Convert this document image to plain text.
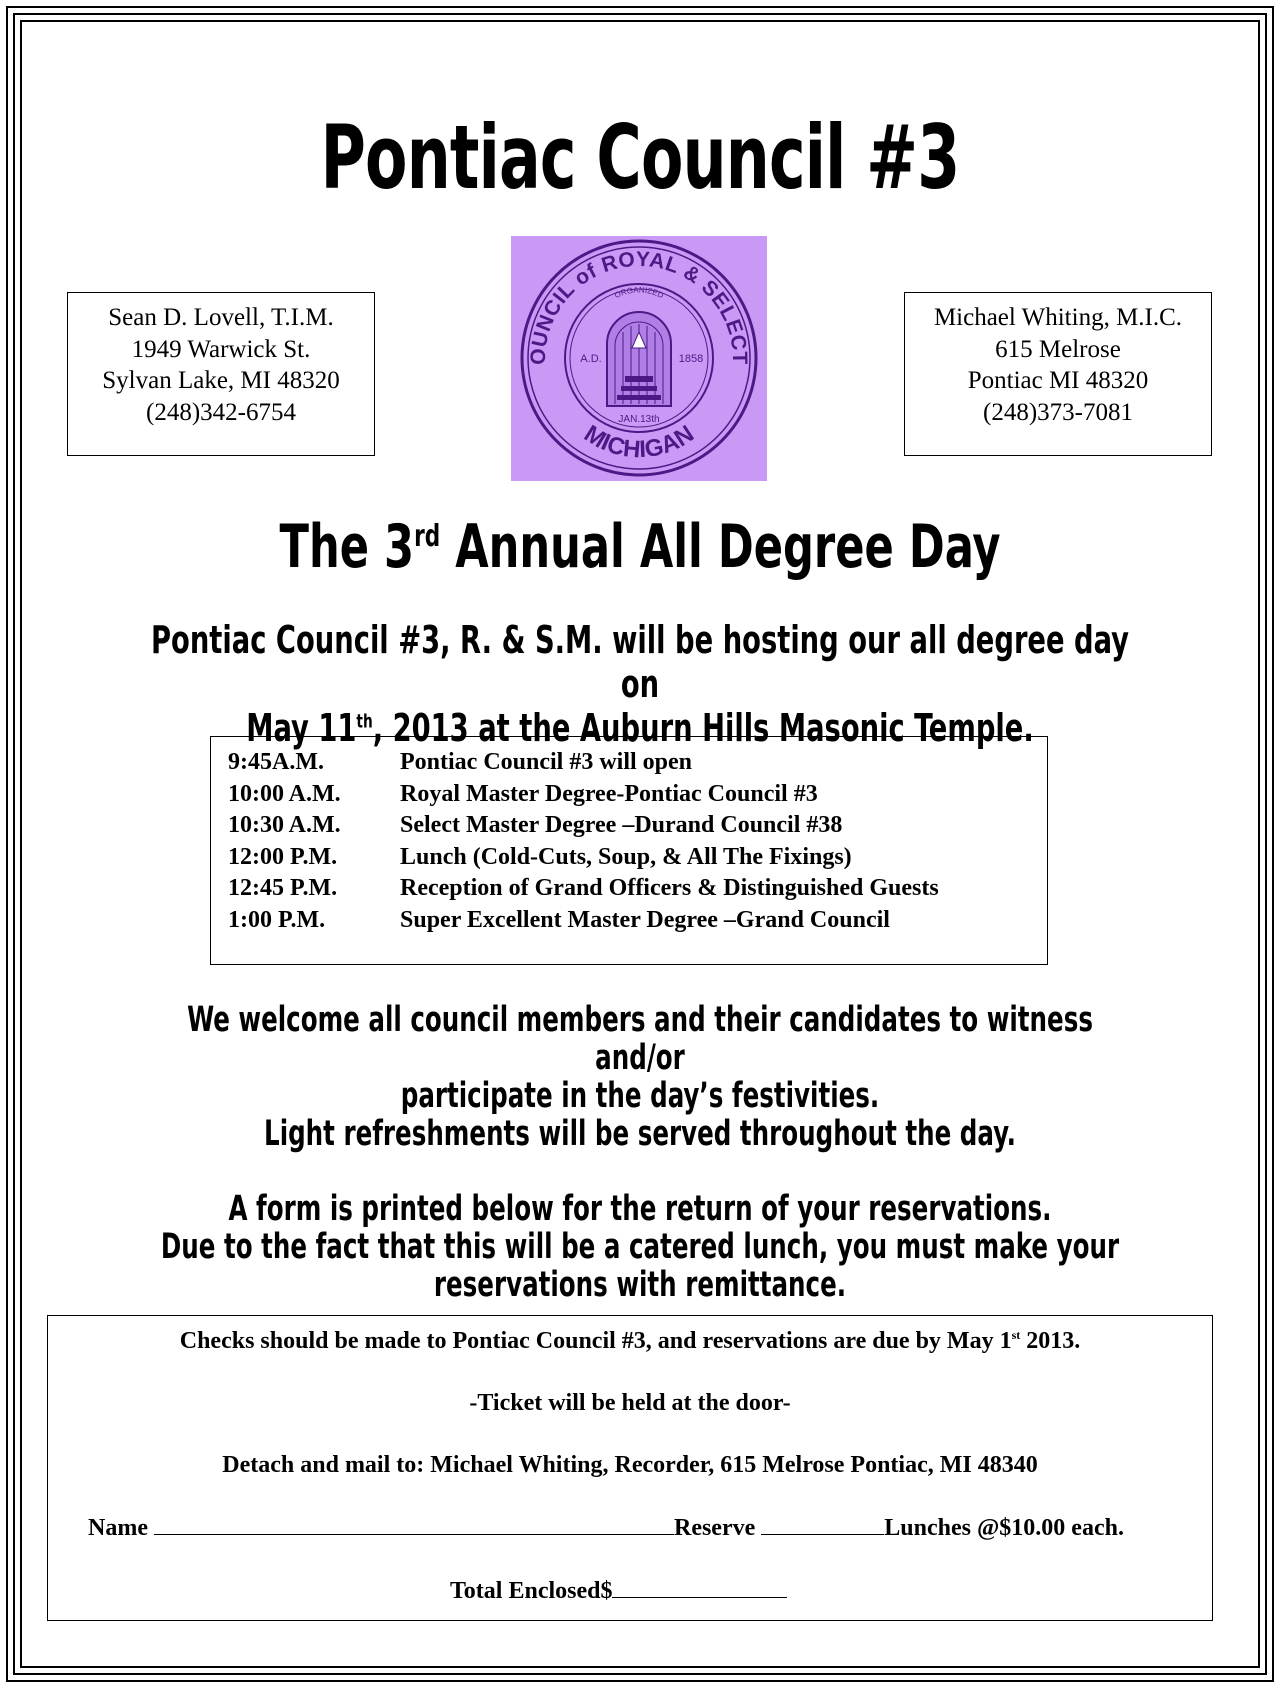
Pontiac Council #3
Sean D. Lovell, T.I.M.
1949 Warwick St.
Sylvan Lake, MI 48320
(248)342-6754
Michael Whiting, M.I.C.
615 Melrose
Pontiac MI 48320
(248)373-7081
OUNCIL of ROYAL & SELECT
MICHIGAN
ORGANIZED
A.D.	1858
JAN.13th
The 3rd Annual All Degree Day
Pontiac Council #3, R. & S.M. will be hosting our all degree day on
May 11th, 2013 at the Auburn Hills Masonic Temple.
9:45A.M.	Pontiac Council #3 will open
10:00 A.M.	Royal Master Degree-Pontiac Council #3
10:30 A.M.	Select Master Degree –Durand Council #38
12:00 P.M.	Lunch (Cold-Cuts, Soup, & All The Fixings)
12:45 P.M.	Reception of Grand Officers & Distinguished Guests
1:00 P.M.	Super Excellent Master Degree –Grand Council
We welcome all council members and their candidates to witness and/or
participate in the day’s festivities.
Light refreshments will be served throughout the day.
A form is printed below for the return of your reservations.
Due to the fact that this will be a catered lunch, you must make your
reservations with remittance.
Checks should be made to Pontiac Council #3, and reservations are due by May 1st 2013.
-Ticket will be held at the door-
Detach and mail to: Michael Whiting, Recorder, 615 Melrose Pontiac, MI 48340
Name	Reserve	Lunches @$10.00 each.
Total Enclosed$
